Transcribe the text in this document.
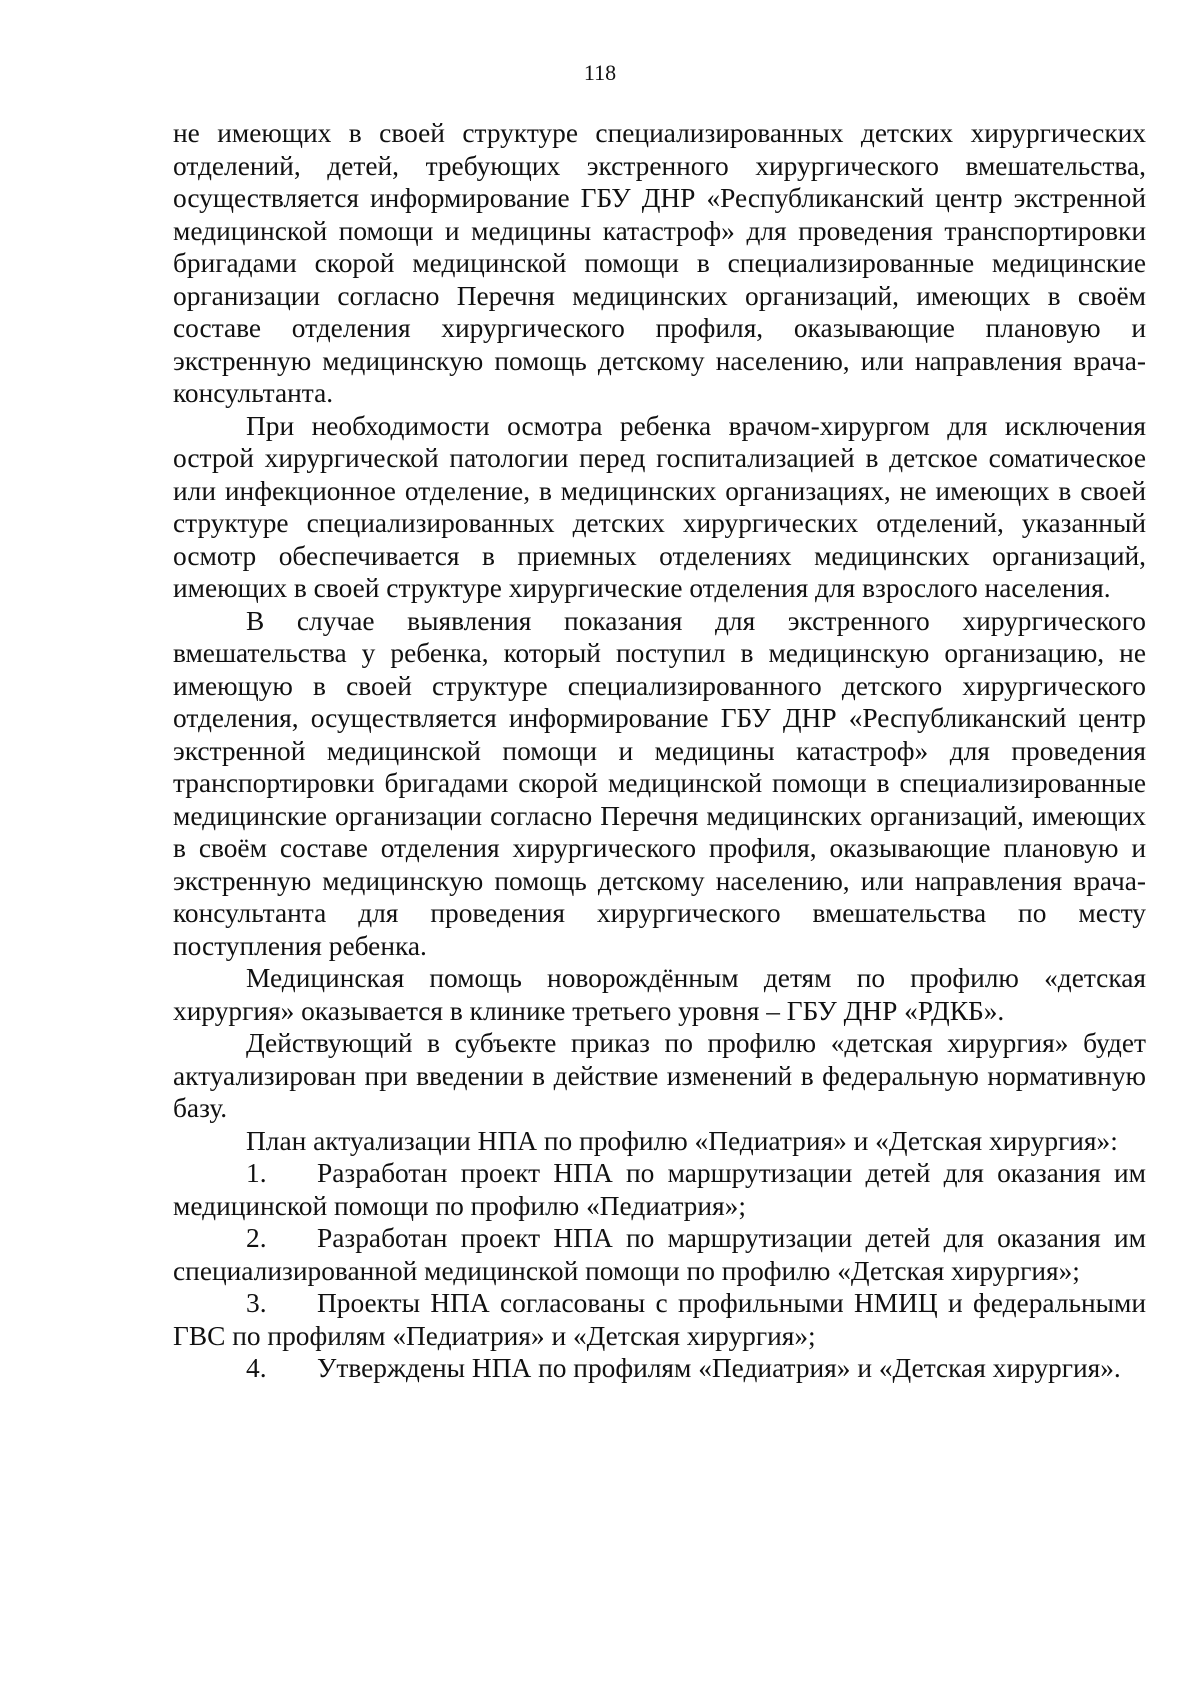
118

не имеющих в своей структуре специализированных детских хирургических отделений, детей, требующих экстренного хирургического вмешательства, осуществляется информирование ГБУ ДНР «Республиканский центр экстренной медицинской помощи и медицины катастроф» для проведения транспортировки бригадами скорой медицинской помощи в специализированные медицинские организации согласно Перечня медицинских организаций, имеющих в своём составе отделения хирургического профиля, оказывающие плановую и экстренную медицинскую помощь детскому населению, или направления врача-консультанта.

При необходимости осмотра ребенка врачом-хирургом для исключения острой хирургической патологии перед госпитализацией в детское соматическое или инфекционное отделение, в медицинских организациях, не имеющих в своей структуре специализированных детских хирургических отделений, указанный осмотр обеспечивается в приемных отделениях медицинских организаций, имеющих в своей структуре хирургические отделения для взрослого населения.

В случае выявления показания для экстренного хирургического вмешательства у ребенка, который поступил в медицинскую организацию, не имеющую в своей структуре специализированного детского хирургического отделения, осуществляется информирование ГБУ ДНР «Республиканский центр экстренной медицинской помощи и медицины катастроф» для проведения транспортировки бригадами скорой медицинской помощи в специализированные медицинские организации согласно Перечня медицинских организаций, имеющих в своём составе отделения хирургического профиля, оказывающие плановую и экстренную медицинскую помощь детскому населению, или направления врача-консультанта для проведения хирургического вмешательства по месту поступления ребенка.

Медицинская помощь новорождённым детям по профилю «детская хирургия» оказывается в клинике третьего уровня – ГБУ ДНР «РДКБ».

Действующий в субъекте приказ по профилю «детская хирургия» будет актуализирован при введении в действие изменений в федеральную нормативную базу.

План актуализации НПА по профилю «Педиатрия» и «Детская хирургия»:

1. Разработан проект НПА по маршрутизации детей для оказания им медицинской помощи по профилю «Педиатрия»;

2. Разработан проект НПА по маршрутизации детей для оказания им специализированной медицинской помощи по профилю «Детская хирургия»;

3. Проекты НПА согласованы с профильными НМИЦ и федеральными ГВС по профилям «Педиатрия» и «Детская хирургия»;

4. Утверждены НПА по профилям «Педиатрия» и «Детская хирургия».
